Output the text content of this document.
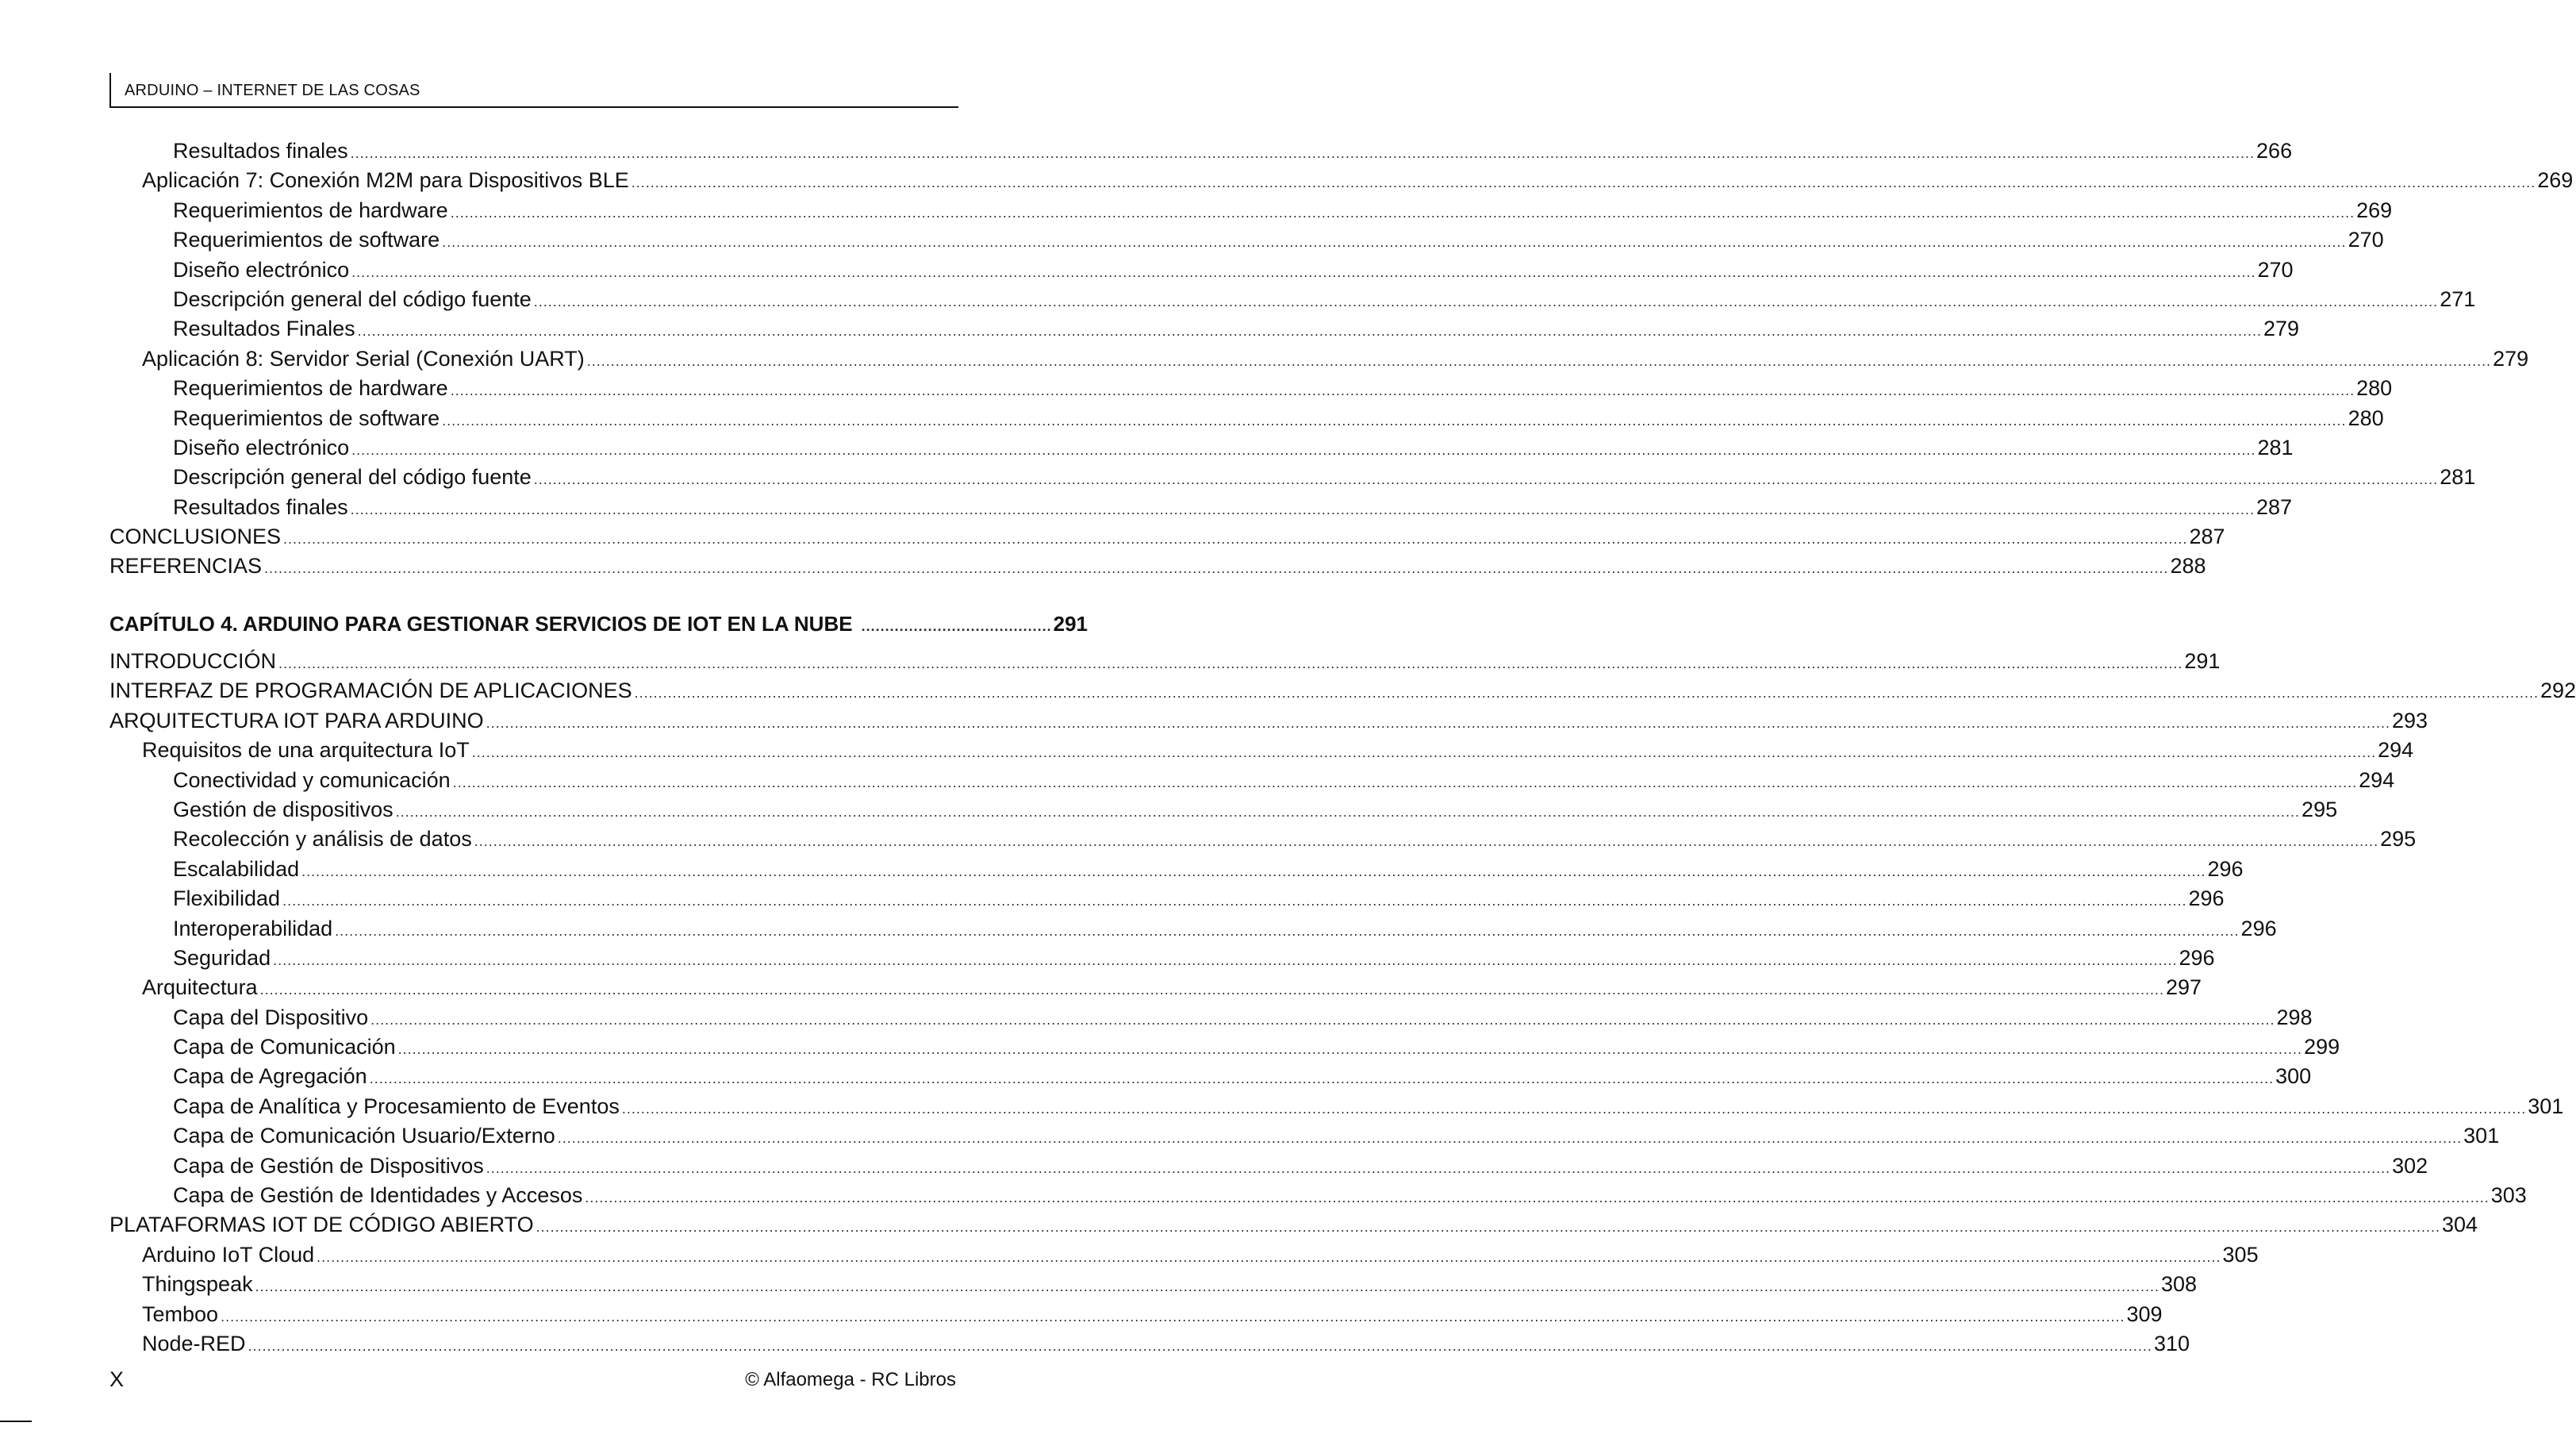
ARDUINO – INTERNET DE LAS COSAS
Resultados finales ................................................................................................................................................................................................................................................................................................................................................................................................................ 266
Aplicación 7: Conexión M2M para Dispositivos BLE ................................................................................................................................................................................................................................................................................................................................................................................................................ 269
Requerimientos de hardware ................................................................................................................................................................................................................................................................................................................................................................................................................ 269
Requerimientos de software ................................................................................................................................................................................................................................................................................................................................................................................................................ 270
Diseño electrónico ................................................................................................................................................................................................................................................................................................................................................................................................................ 270
Descripción general del código fuente ................................................................................................................................................................................................................................................................................................................................................................................................................ 271
Resultados Finales ................................................................................................................................................................................................................................................................................................................................................................................................................ 279
Aplicación 8: Servidor Serial (Conexión UART) ................................................................................................................................................................................................................................................................................................................................................................................................................ 279
Requerimientos de hardware ................................................................................................................................................................................................................................................................................................................................................................................................................ 280
Requerimientos de software ................................................................................................................................................................................................................................................................................................................................................................................................................ 280
Diseño electrónico ................................................................................................................................................................................................................................................................................................................................................................................................................ 281
Descripción general del código fuente ................................................................................................................................................................................................................................................................................................................................................................................................................ 281
Resultados finales ................................................................................................................................................................................................................................................................................................................................................................................................................ 287
CONCLUSIONES ................................................................................................................................................................................................................................................................................................................................................................................................................ 287
REFERENCIAS ................................................................................................................................................................................................................................................................................................................................................................................................................ 288
CAPÍTULO 4. ARDUINO PARA GESTIONAR SERVICIOS DE IOT EN LA NUBE ........................................ 291
INTRODUCCIÓN ................................................................................................................................................................................................................................................................................................................................................................................................................ 291
INTERFAZ DE PROGRAMACIÓN DE APLICACIONES ................................................................................................................................................................................................................................................................................................................................................................................................................ 292
ARQUITECTURA IOT PARA ARDUINO ................................................................................................................................................................................................................................................................................................................................................................................................................ 293
Requisitos de una arquitectura IoT ................................................................................................................................................................................................................................................................................................................................................................................................................ 294
Conectividad y comunicación ................................................................................................................................................................................................................................................................................................................................................................................................................ 294
Gestión de dispositivos ................................................................................................................................................................................................................................................................................................................................................................................................................ 295
Recolección y análisis de datos ................................................................................................................................................................................................................................................................................................................................................................................................................ 295
Escalabilidad ................................................................................................................................................................................................................................................................................................................................................................................................................ 296
Flexibilidad ................................................................................................................................................................................................................................................................................................................................................................................................................ 296
Interoperabilidad ................................................................................................................................................................................................................................................................................................................................................................................................................ 296
Seguridad ................................................................................................................................................................................................................................................................................................................................................................................................................ 296
Arquitectura ................................................................................................................................................................................................................................................................................................................................................................................................................ 297
Capa del Dispositivo ................................................................................................................................................................................................................................................................................................................................................................................................................ 298
Capa de Comunicación ................................................................................................................................................................................................................................................................................................................................................................................................................ 299
Capa de Agregación ................................................................................................................................................................................................................................................................................................................................................................................................................ 300
Capa de Analítica y Procesamiento de Eventos ................................................................................................................................................................................................................................................................................................................................................................................................................ 301
Capa de Comunicación Usuario/Externo ................................................................................................................................................................................................................................................................................................................................................................................................................ 301
Capa de Gestión de Dispositivos ................................................................................................................................................................................................................................................................................................................................................................................................................ 302
Capa de Gestión de Identidades y Accesos ................................................................................................................................................................................................................................................................................................................................................................................................................ 303
PLATAFORMAS IOT DE CÓDIGO ABIERTO ................................................................................................................................................................................................................................................................................................................................................................................................................ 304
Arduino IoT Cloud ................................................................................................................................................................................................................................................................................................................................................................................................................ 305
Thingspeak ................................................................................................................................................................................................................................................................................................................................................................................................................ 308
Temboo ................................................................................................................................................................................................................................................................................................................................................................................................................ 309
Node-RED ................................................................................................................................................................................................................................................................................................................................................................................................................ 310
X	© Alfaomega - RC Libros
